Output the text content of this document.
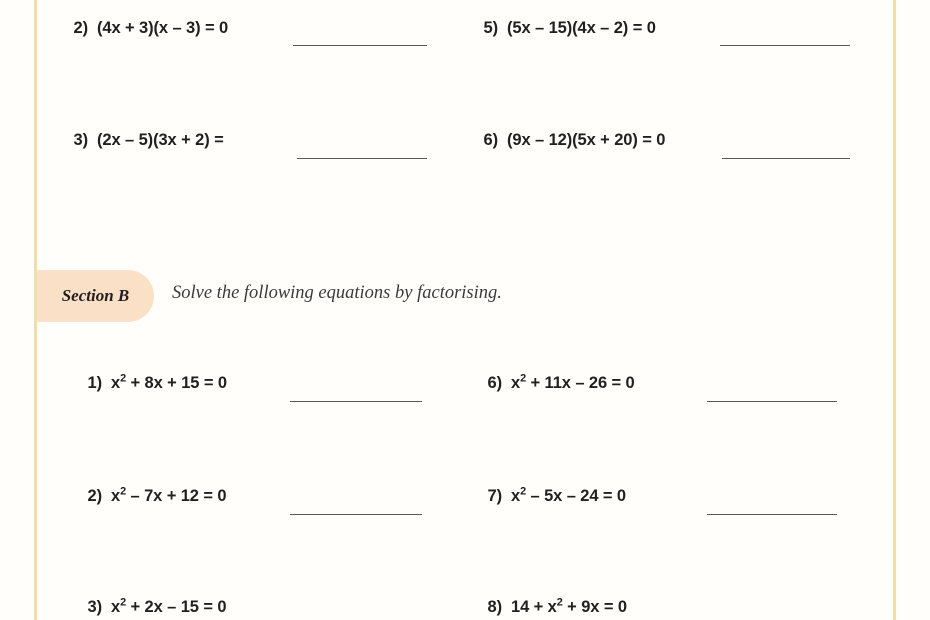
2) (4x + 3)(x – 3) = 0
3) (2x – 5)(3x + 2) =
5) (5x – 15)(4x – 2) = 0
6) (9x – 12)(5x + 20) = 0
Section B Solve the following equations by factorising.
1) $x^2 + 8x + 15 = 0$
2) $x^2 - 7x + 12 = 0$
3) $x^2 + 2x - 15 = 0$
6) $x^2 + 11x - 26 = 0$
7) $x^2 - 5x - 24 = 0$
8) $14 + x^2 + 9x = 0$
